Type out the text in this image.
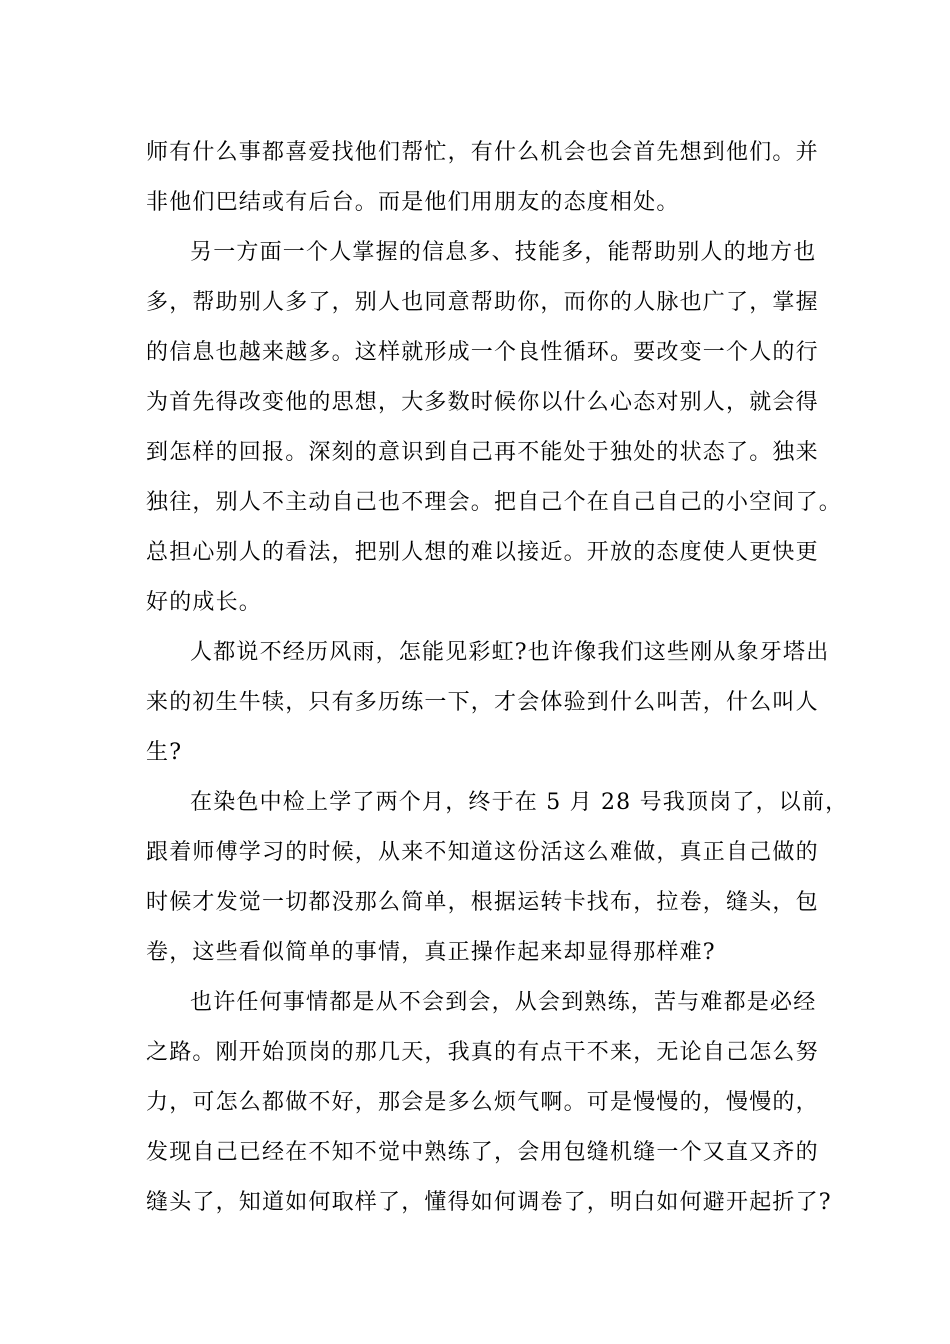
师有什么事都喜爱找他们帮忙，有什么机会也会首先想到他们。并
非他们巴结或有后台。而是他们用朋友的态度相处。
另一方面一个人掌握的信息多、技能多，能帮助别人的地方也
多，帮助别人多了，别人也同意帮助你，而你的人脉也广了，掌握
的信息也越来越多。这样就形成一个良性循环。要改变一个人的行
为首先得改变他的思想，大多数时候你以什么心态对别人，就会得
到怎样的回报。深刻的意识到自己再不能处于独处的状态了。独来
独往，别人不主动自己也不理会。把自己个在自己自己的小空间了。
总担心别人的看法，把别人想的难以接近。开放的态度使人更快更
好的成长。
人都说不经历风雨，怎能见彩虹?也许像我们这些刚从象牙塔出
来的初生牛犊，只有多历练一下，才会体验到什么叫苦，什么叫人
生?
在染色中检上学了两个月，终于在 5 月 28 号我顶岗了，以前，
跟着师傅学习的时候，从来不知道这份活这么难做，真正自己做的
时候才发觉一切都没那么简单，根据运转卡找布，拉卷，缝头，包
卷，这些看似简单的事情，真正操作起来却显得那样难?
也许任何事情都是从不会到会，从会到熟练，苦与难都是必经
之路。刚开始顶岗的那几天，我真的有点干不来，无论自己怎么努
力，可怎么都做不好，那会是多么烦气啊。可是慢慢的，慢慢的，
发现自己已经在不知不觉中熟练了，会用包缝机缝一个又直又齐的
缝头了，知道如何取样了，懂得如何调卷了，明白如何避开起折了?
